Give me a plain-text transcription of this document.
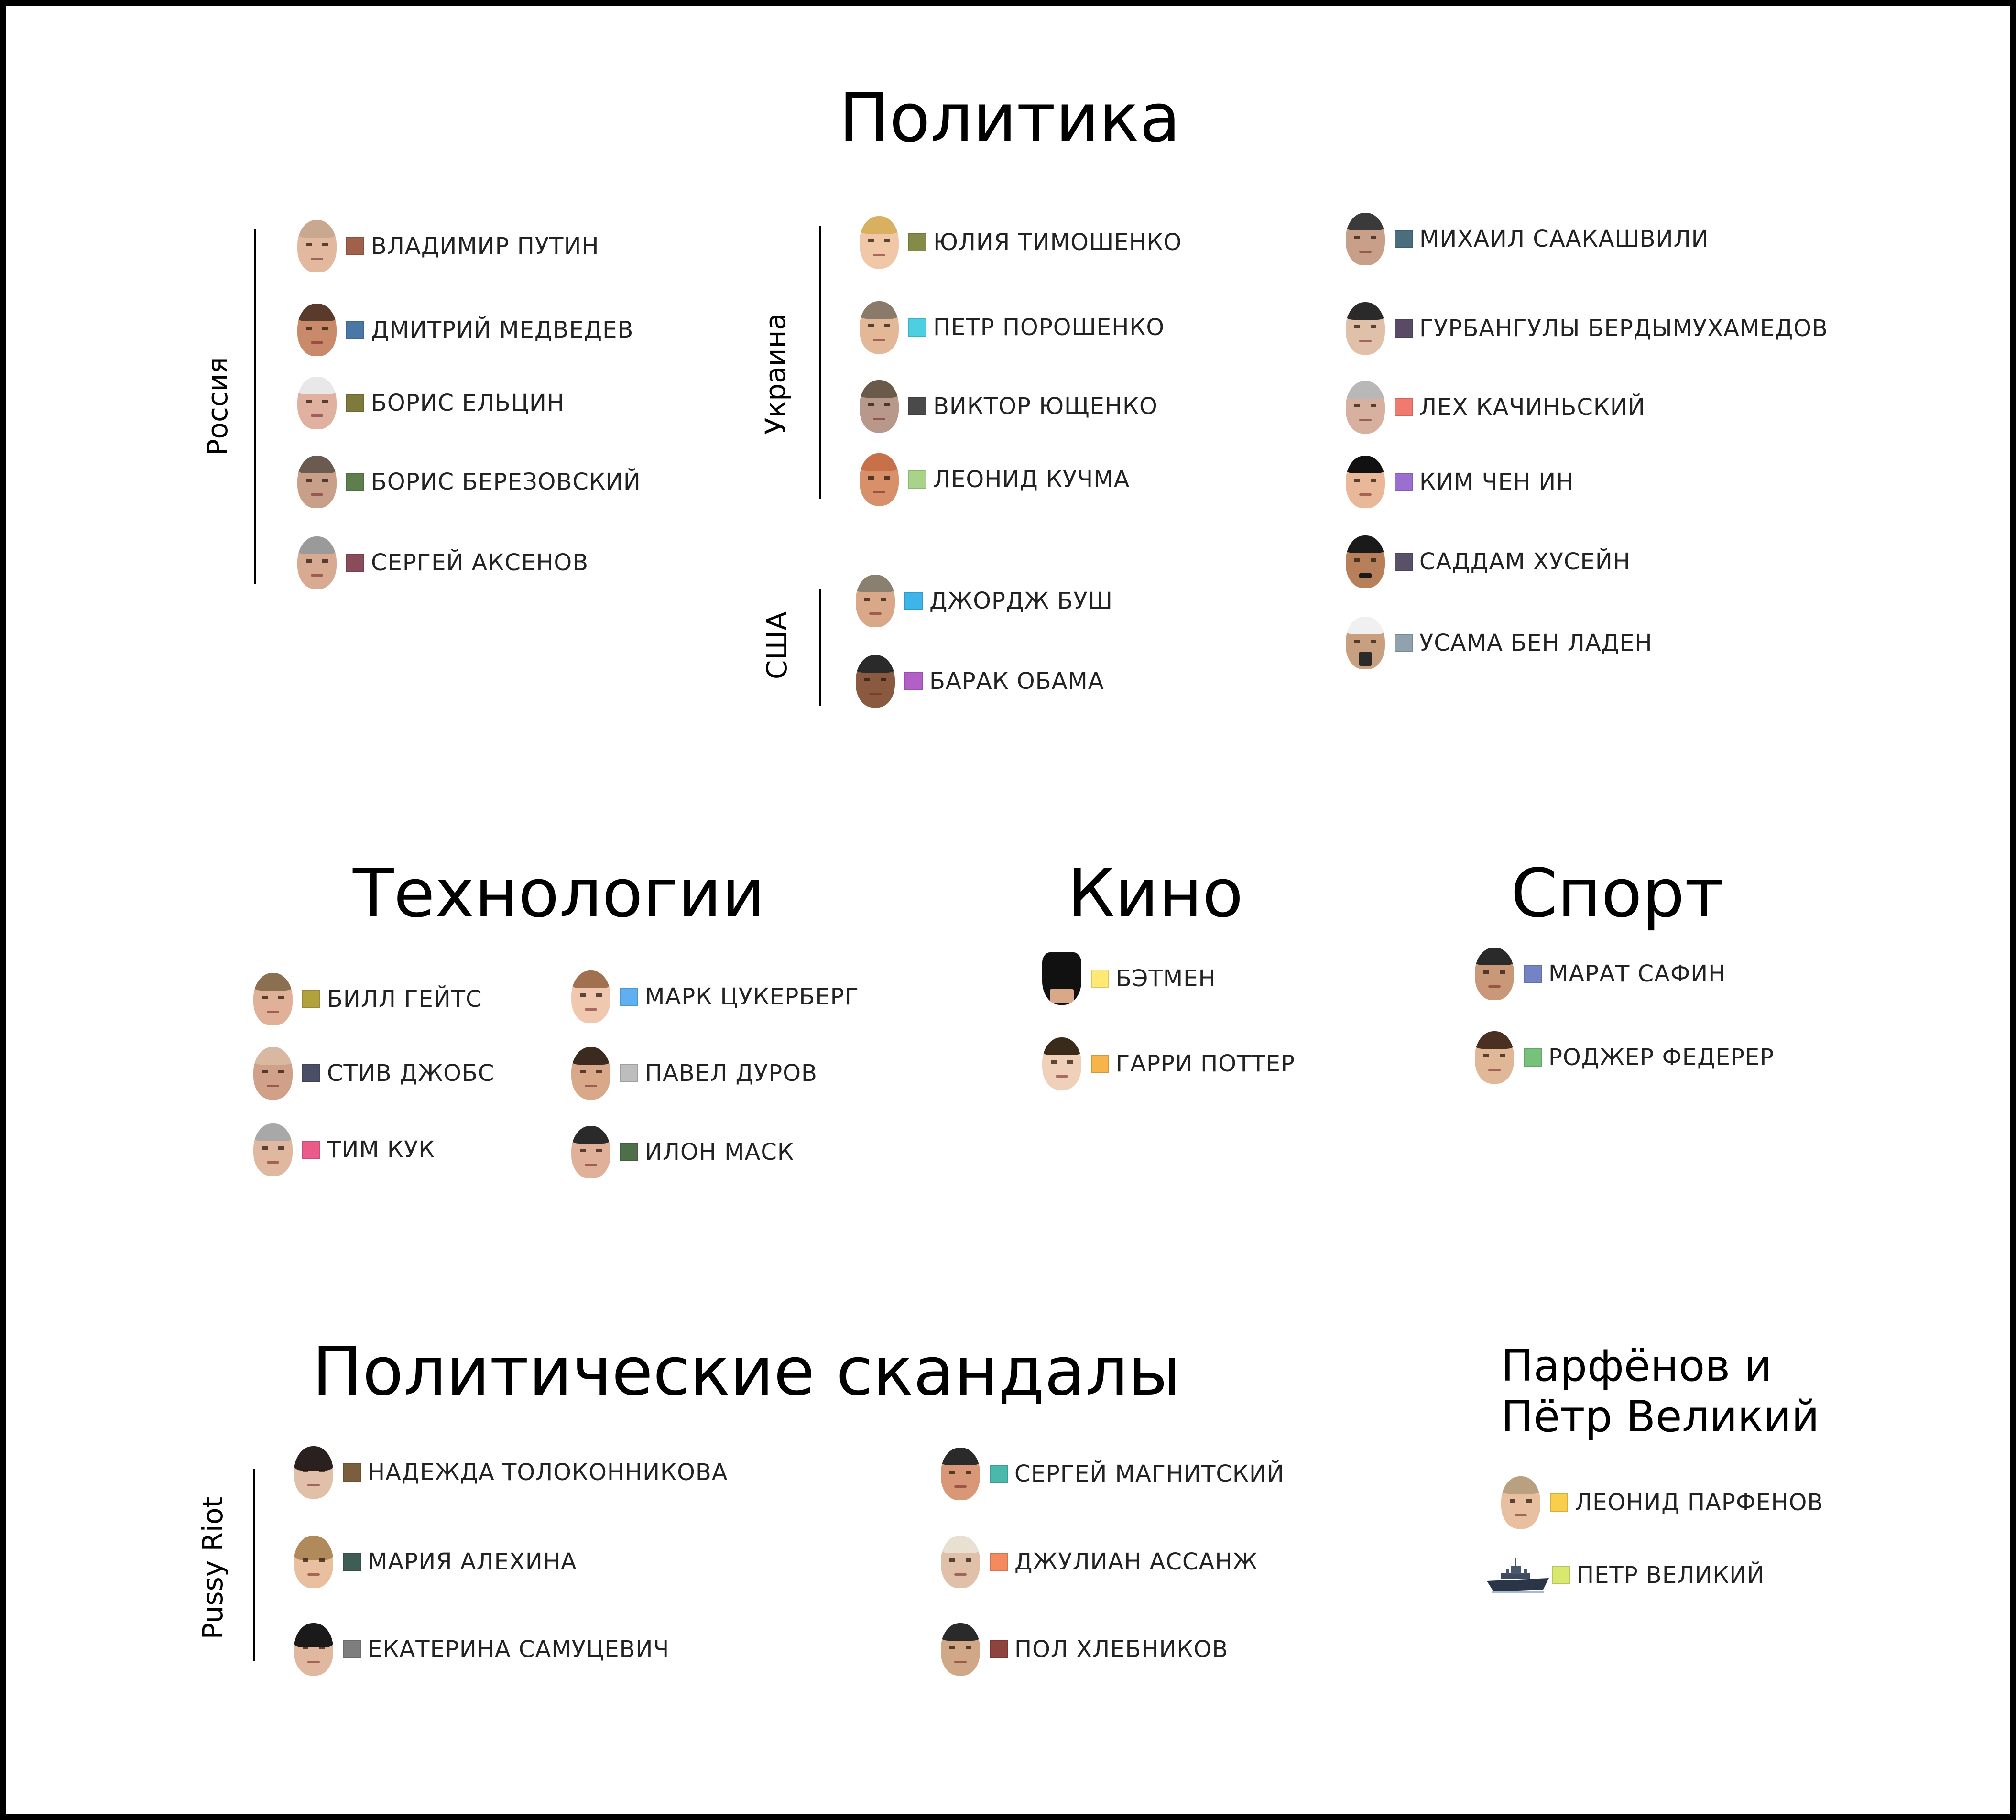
Политика
Технологии	Кино	Спорт
Политические скандалы	Парфёнов и Пётр Великий
Россия	Украина
США
Pussy Riot
ВЛАДИМИР ПУТИН
ДМИТРИЙ МЕДВЕДЕВ
БОРИС ЕЛЬЦИН
БОРИС БЕРЕЗОВСКИЙ
СЕРГЕЙ АКСЕНОВ
ЮЛИЯ ТИМОШЕНКО
ПЕТР ПОРОШЕНКО
ВИКТОР ЮЩЕНКО
ЛЕОНИД КУЧМА
ДЖОРДЖ БУШ
БАРАК ОБАМА
МИХАИЛ СААКАШВИЛИ
ГУРБАНГУЛЫ БЕРДЫМУХАМЕДОВ
ЛЕХ КАЧИНЬСКИЙ
КИМ ЧЕН ИН
САДДАМ ХУСЕЙН
УСАМА БЕН ЛАДЕН
БИЛЛ ГЕЙТС
СТИВ ДЖОБС
ТИМ КУК
МАРК ЦУКЕРБЕРГ
ПАВЕЛ ДУРОВ
ИЛОН МАСК
БЭТМЕН
ГАРРИ ПОТТЕР
МАРАТ САФИН
РОДЖЕР ФЕДЕРЕР
НАДЕЖДА ТОЛОКОННИКОВА
МАРИЯ АЛЕХИНА
ЕКАТЕРИНА САМУЦЕВИЧ
СЕРГЕЙ МАГНИТСКИЙ
ДЖУЛИАН АССАНЖ
ПОЛ ХЛЕБНИКОВ
ЛЕОНИД ПАРФЕНОВ
ПЕТР ВЕЛИКИЙ
